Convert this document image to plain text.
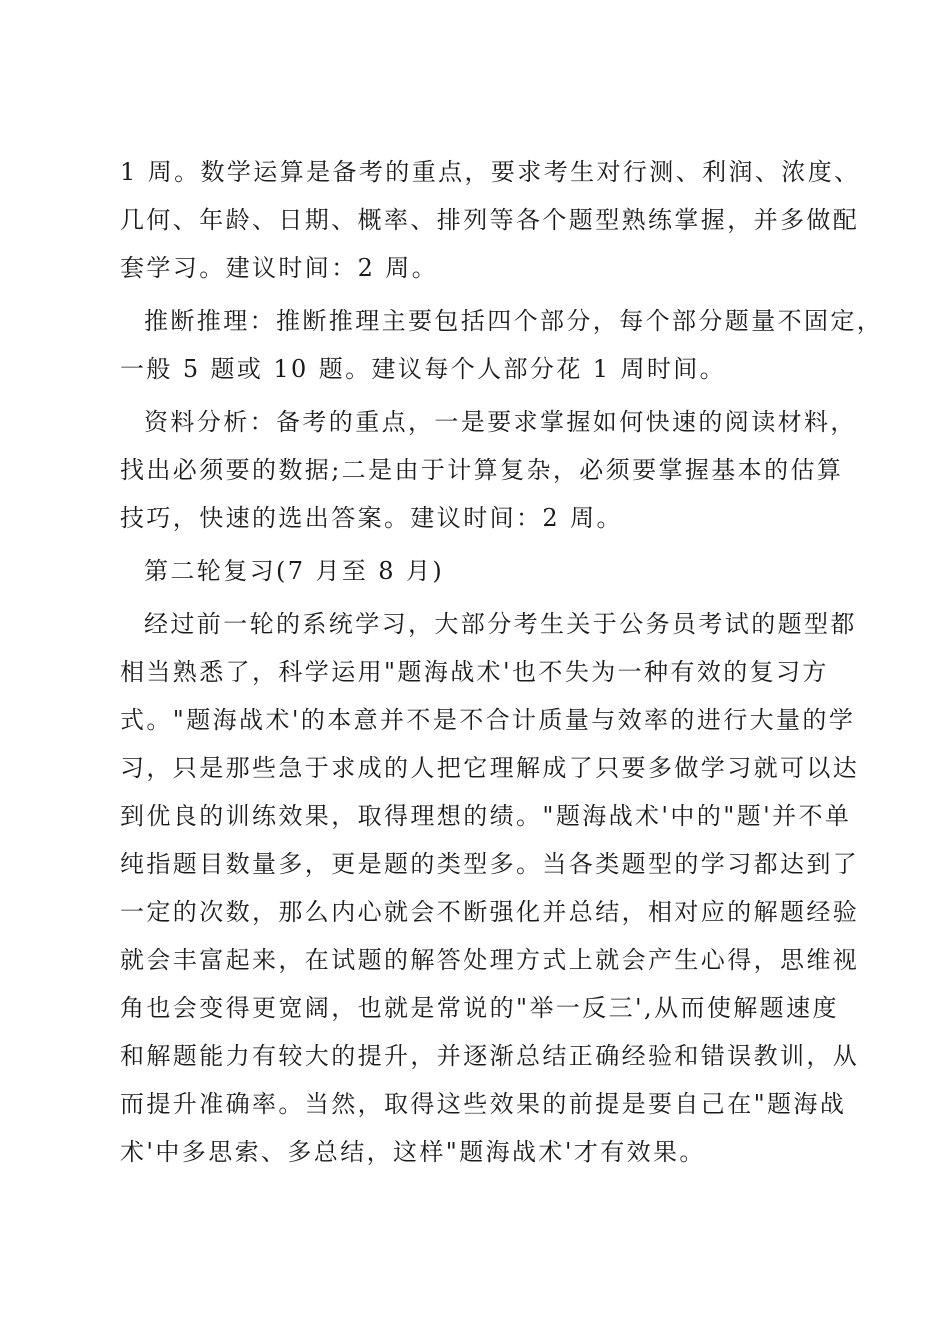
1 周。数学运算是备考的重点，要求考生对行测、利润、浓度、
几何、年龄、日期、概率、排列等各个题型熟练掌握，并多做配
套学习。建议时间：2 周。
推断推理：推断推理主要包括四个部分，每个部分题量不固定，
一般 5 题或 10 题。建议每个人部分花 1 周时间。
资料分析：备考的重点，一是要求掌握如何快速的阅读材料，
找出必须要的数据;二是由于计算复杂，必须要掌握基本的估算
技巧，快速的选出答案。建议时间：2 周。
第二轮复习(7 月至 8 月)
经过前一轮的系统学习，大部分考生关于公务员考试的题型都
相当熟悉了，科学运用"题海战术'也不失为一种有效的复习方
式。"题海战术'的本意并不是不合计质量与效率的进行大量的学
习，只是那些急于求成的人把它理解成了只要多做学习就可以达
到优良的训练效果，取得理想的绩。"题海战术'中的"题'并不单
纯指题目数量多，更是题的类型多。当各类题型的学习都达到了
一定的次数，那么内心就会不断强化并总结，相对应的解题经验
就会丰富起来，在试题的解答处理方式上就会产生心得，思维视
角也会变得更宽阔，也就是常说的"举一反三',从而使解题速度
和解题能力有较大的提升，并逐渐总结正确经验和错误教训，从
而提升准确率。当然，取得这些效果的前提是要自己在"题海战
术'中多思索、多总结，这样"题海战术'才有效果。
